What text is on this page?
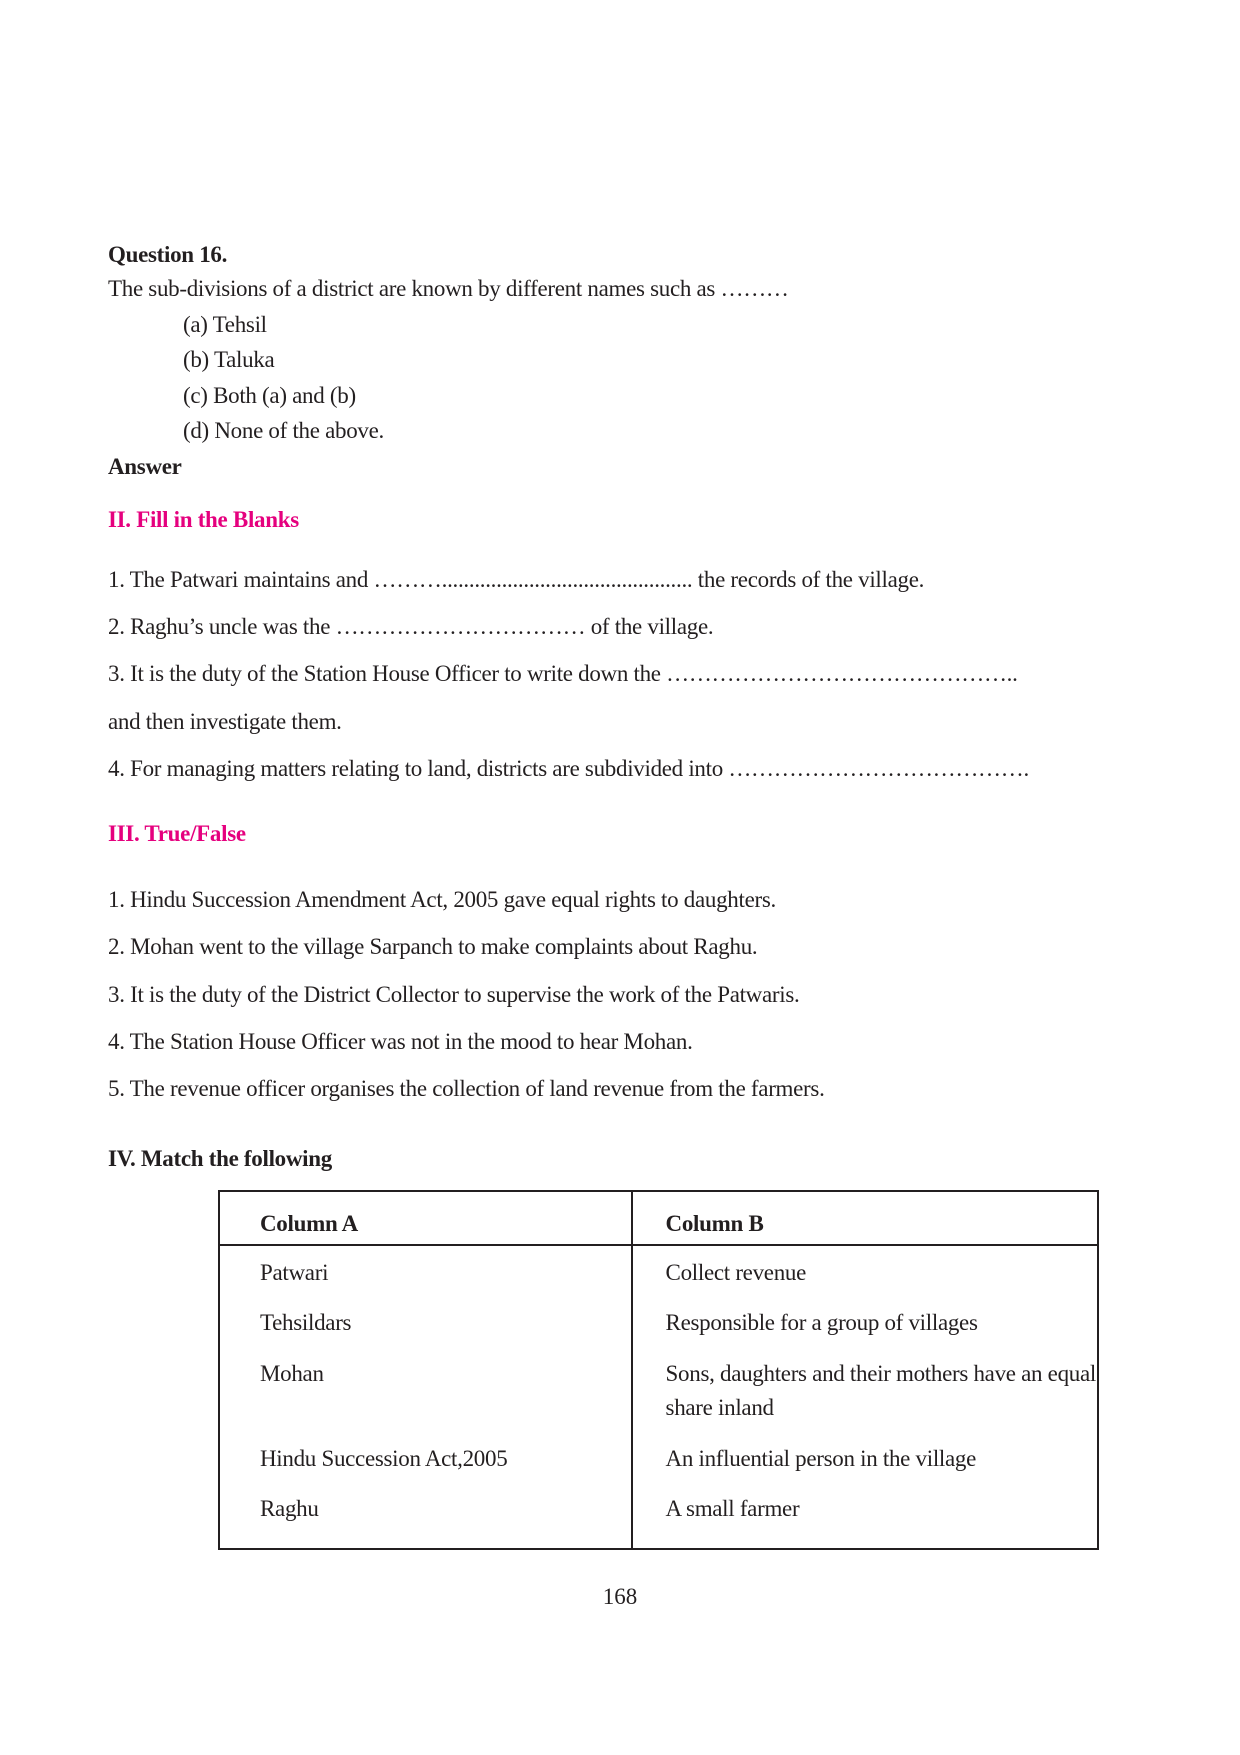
Question 16.
The sub-divisions of a district are known by different names such as ………
(a) Tehsil
(b) Taluka
(c) Both (a) and (b)
(d) None of the above.
Answer
II. Fill in the Blanks
1. The Patwari maintains and ……….............................................. the records of the village.
2. Raghu’s uncle was the …………………………… of the village.
3. It is the duty of the Station House Officer to write down the ………………………………………..
and then investigate them.
4. For managing matters relating to land, districts are subdivided into ………………………………….
III. True/False
1. Hindu Succession Amendment Act, 2005 gave equal rights to daughters.
2. Mohan went to the village Sarpanch to make complaints about Raghu.
3. It is the duty of the District Collector to supervise the work of the Patwaris.
4. The Station House Officer was not in the mood to hear Mohan.
5. The revenue officer organises the collection of land revenue from the farmers.
IV. Match the following
Column A	Column B
Patwari	Collect revenue
Tehsildars	Responsible for a group of villages
Mohan	Sons, daughters and their mothers have an equal
share inland

Hindu Succession Act,2005	An influential person in the village
Raghu	A small farmer
168
